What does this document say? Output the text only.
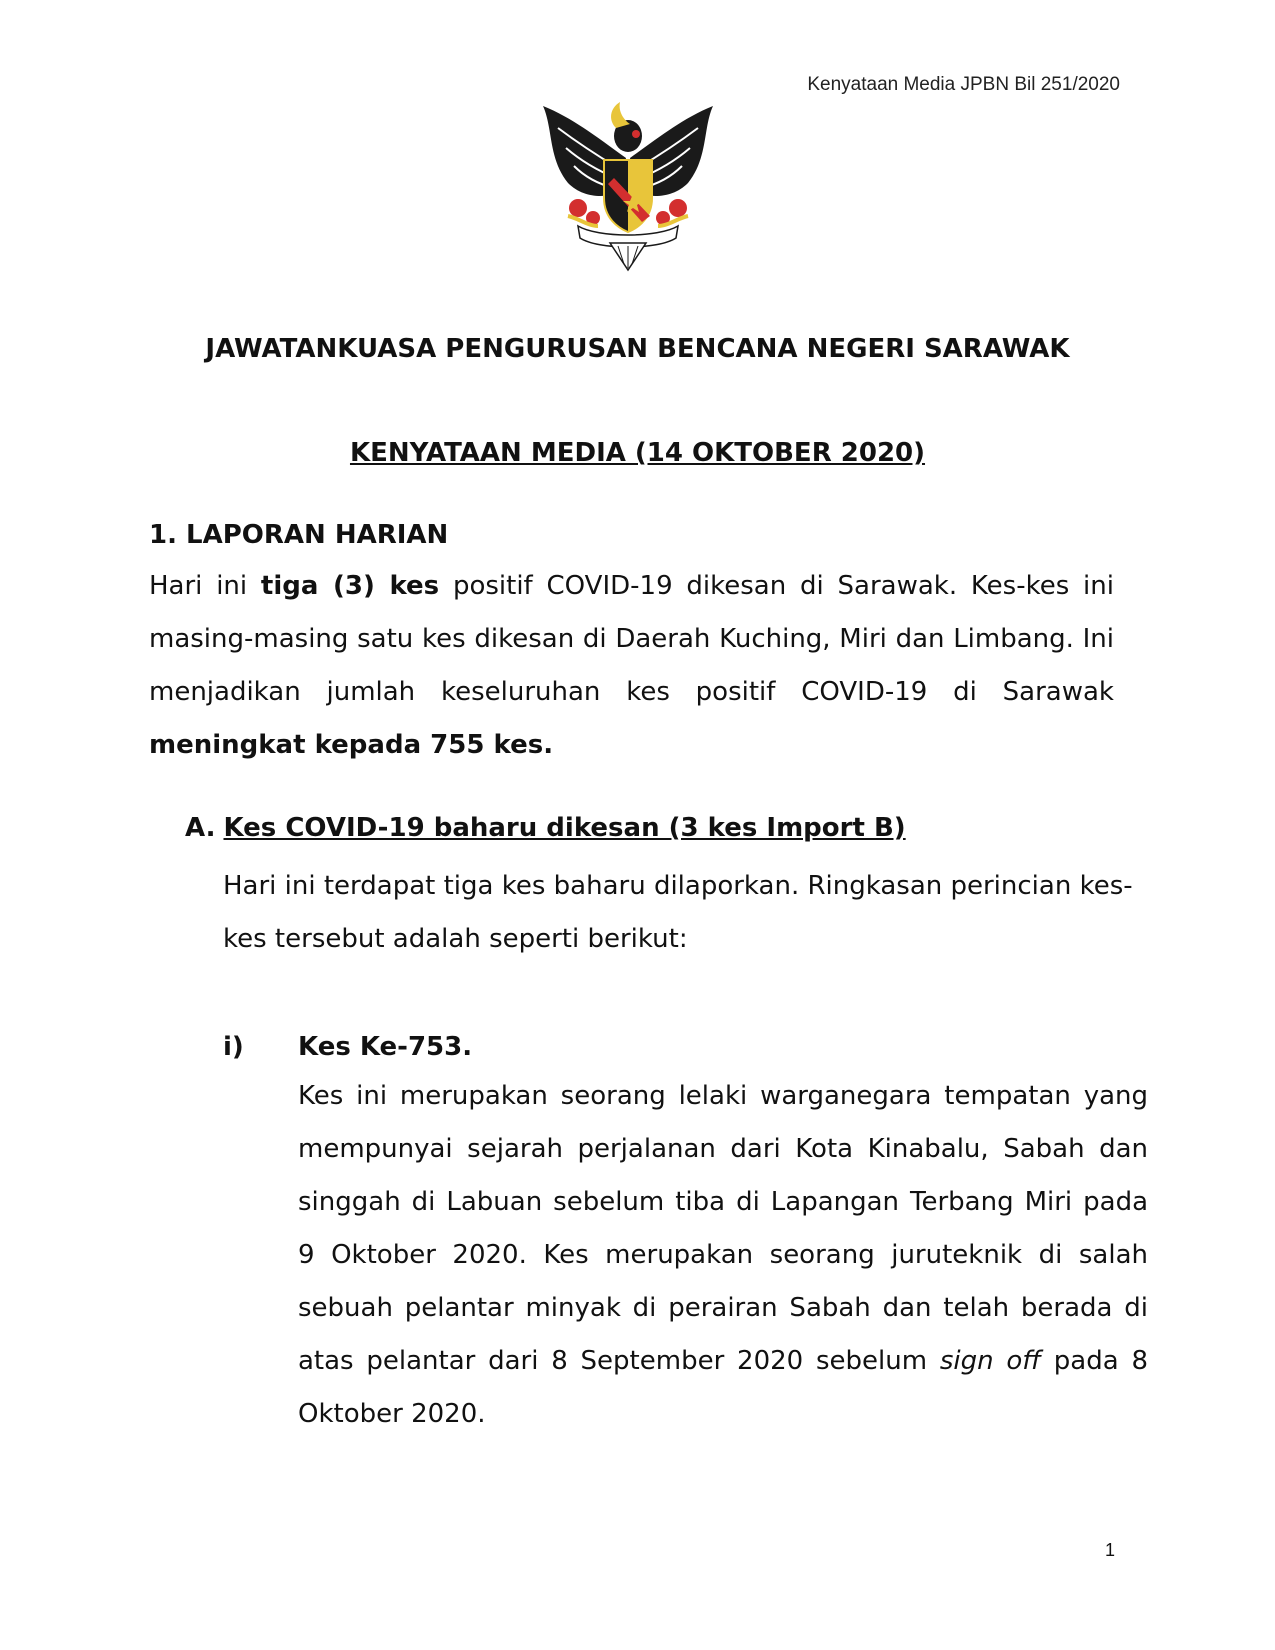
Kenyataan Media JPBN Bil 251/2020
JAWATANKUASA PENGURUSAN BENCANA NEGERI SARAWAK
KENYATAAN MEDIA (14 OKTOBER 2020)
1. LAPORAN HARIAN
Hari ini tiga (3) kes positif COVID-19 dikesan di Sarawak. Kes-kes ini masing-masing satu kes dikesan di Daerah Kuching, Miri dan Limbang. Ini menjadikan jumlah keseluruhan kes positif COVID-19 di Sarawak meningkat kepada 755 kes.
A. Kes COVID-19 baharu dikesan (3 kes Import B)
Hari ini terdapat tiga kes baharu dilaporkan. Ringkasan perincian kes-kes tersebut adalah seperti berikut:
i) Kes Ke-753.
Kes ini merupakan seorang lelaki warganegara tempatan yang mempunyai sejarah perjalanan dari Kota Kinabalu, Sabah dan singgah di Labuan sebelum tiba di Lapangan Terbang Miri pada 9 Oktober 2020. Kes merupakan seorang juruteknik di salah sebuah pelantar minyak di perairan Sabah dan telah berada di atas pelantar dari 8 September 2020 sebelum sign off pada 8 Oktober 2020.
1
